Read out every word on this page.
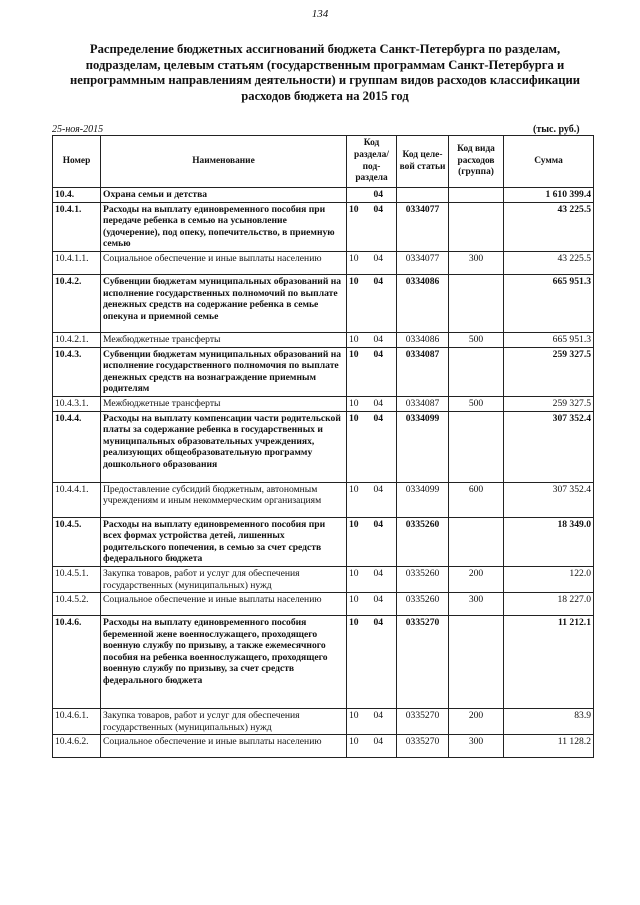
134
Распределение бюджетных ассигнований бюджета Санкт-Петербурга по разделам, подразделам, целевым статьям (государственным программам Санкт-Петербурга и непрограммным направлениям деятельности) и группам видов расходов классификации расходов бюджета на 2015 год
25-ноя-2015	(тыс. руб.)
Номер	Наименование	Код раздела/ под-раздела		Код целе-вой статьи	Код вида расходов (группа)	Сумма
10.4.	Охрана семьи и детства		04			1 610 399.4
10.4.1.	Расходы на выплату единовременного пособия при передаче ребенка в семью на усыновление (удочерение), под опеку, попечительство, в приемную семью	10	04	0334077		43 225.5
10.4.1.1.	Социальное обеспечение и иные выплаты населению	10	04	0334077	300	43 225.5
10.4.2.	Субвенции бюджетам муниципальных образований на исполнение государственных полномочий по выплате денежных средств на содержание ребенка в семье опекуна и приемной семье	10	04	0334086		665 951.3
10.4.2.1.	Межбюджетные трансферты	10	04	0334086	500	665 951.3
10.4.3.	Субвенции бюджетам муниципальных образований на исполнение государственного полномочия по выплате денежных средств на вознаграждение приемным родителям	10	04	0334087		259 327.5
10.4.3.1.	Межбюджетные трансферты	10	04	0334087	500	259 327.5
10.4.4.	Расходы на выплату компенсации части родительской платы за содержание ребенка в государственных и муниципальных образовательных учреждениях, реализующих общеобразовательную программу дошкольного образования	10	04	0334099		307 352.4
10.4.4.1.	Предоставление субсидий бюджетным, автономным учреждениям и иным некоммерческим организациям	10	04	0334099	600	307 352.4
10.4.5.	Расходы на выплату единовременного пособия при всех формах устройства детей, лишенных родительского попечения, в семью за счет средств федерального бюджета	10	04	0335260		18 349.0
10.4.5.1.	Закупка товаров, работ и услуг для обеспечения государственных (муниципальных) нужд	10	04	0335260	200	122.0
10.4.5.2.	Социальное обеспечение и иные выплаты населению	10	04	0335260	300	18 227.0
10.4.6.	Расходы на выплату единовременного пособия беременной жене военнослужащего, проходящего военную службу по призыву, а также ежемесячного пособия на ребенка военнослужащего, проходящего военную службу по призыву, за счет средств федерального бюджета	10	04	0335270		11 212.1
10.4.6.1.	Закупка товаров, работ и услуг для обеспечения государственных (муниципальных) нужд	10	04	0335270	200	83.9
10.4.6.2.	Социальное обеспечение и иные выплаты населению	10	04	0335270	300	11 128.2
